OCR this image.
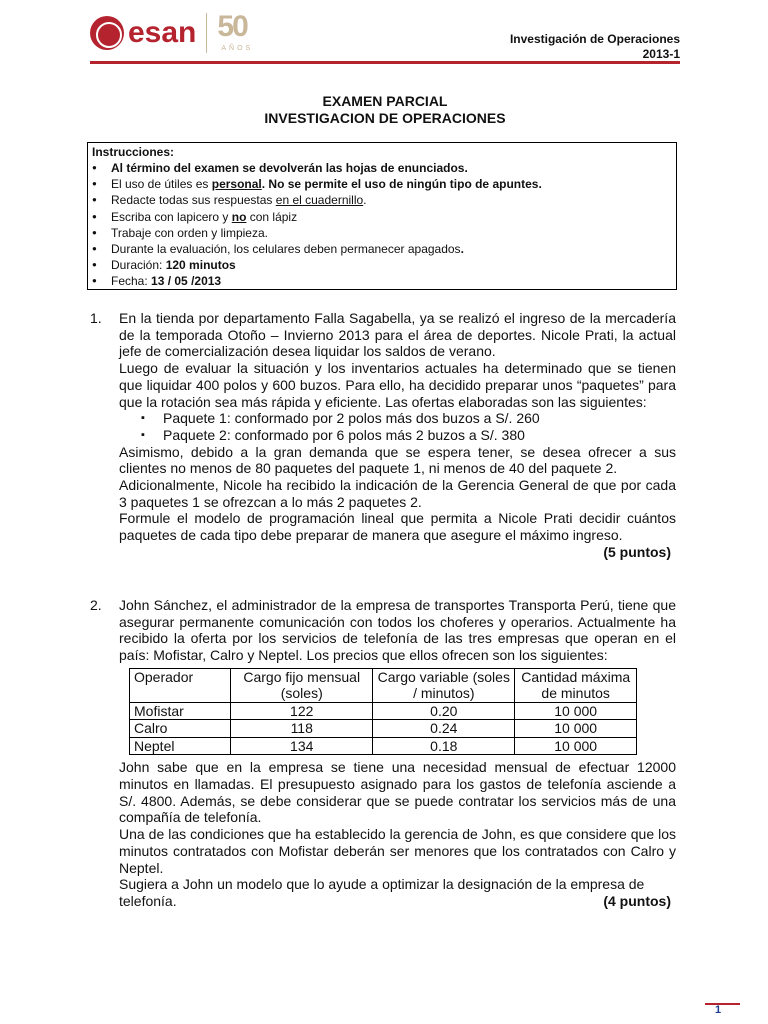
esan 50
AÑOS
Investigación de Operaciones
2013-1
EXAMEN PARCIAL
INVESTIGACION DE OPERACIONES
Instrucciones:
● Al término del examen se devolverán las hojas de enunciados.
● El uso de útiles es personal. No se permite el uso de ningún tipo de apuntes.
● Redacte todas sus respuestas en el cuadernillo.
● Escriba con lapicero y no con lápiz
● Trabaje con orden y limpieza.
● Durante la evaluación, los celulares deben permanecer apagados.
● Duración: 120 minutos
● Fecha: 13 / 05 /2013
1. En la tienda por departamento Falla Sagabella, ya se realizó el ingreso de la mercadería de la temporada Otoño – Invierno 2013 para el área de deportes. Nicole Prati, la actual jefe de comercialización desea liquidar los saldos de verano.

Luego de evaluar la situación y los inventarios actuales ha determinado que se tienen que liquidar 400 polos y 600 buzos. Para ello, ha decidido preparar unos “paquetes” para que la rotación sea más rápida y eficiente. Las ofertas elaboradas son las siguientes:

▪ Paquete 1: conformado por 2 polos más dos buzos a S/. 260
▪ Paquete 2: conformado por 6 polos más 2 buzos a S/. 380

Asimismo, debido a la gran demanda que se espera tener, se desea ofrecer a sus clientes no menos de 80 paquetes del paquete 1, ni menos de 40 del paquete 2.

Adicionalmente, Nicole ha recibido la indicación de la Gerencia General de que por cada 3 paquetes 1 se ofrezcan a lo más 2 paquetes 2.

Formule el modelo de programación lineal que permita a Nicole Prati decidir cuántos paquetes de cada tipo debe preparar de manera que asegure el máximo ingreso.

(5 puntos)
2. John Sánchez, el administrador de la empresa de transportes Transporta Perú, tiene que asegurar permanente comunicación con todos los choferes y operarios. Actualmente ha recibido la oferta por los servicios de telefonía de las tres empresas que operan en el país: Mofistar, Calro y Neptel. Los precios que ellos ofrecen son los siguientes:

Operador	Cargo fijo mensual (soles)	Cargo variable (soles / minutos)	Cantidad máxima de minutos
Mofistar	122	0.20	10 000
Calro	118	0.24	10 000
Neptel	134	0.18	10 000

John sabe que en la empresa se tiene una necesidad mensual de efectuar 12000 minutos en llamadas. El presupuesto asignado para los gastos de telefonía asciende a S/. 4800. Además, se debe considerar que se puede contratar los servicios más de una compañía de telefonía.

Una de las condiciones que ha establecido la gerencia de John, es que considere que los minutos contratados con Mofistar deberán ser menores que los contratados con Calro y Neptel.

Sugiera a John un modelo que lo ayude a optimizar la designación de la empresa de telefonía.	(4 puntos)
1
